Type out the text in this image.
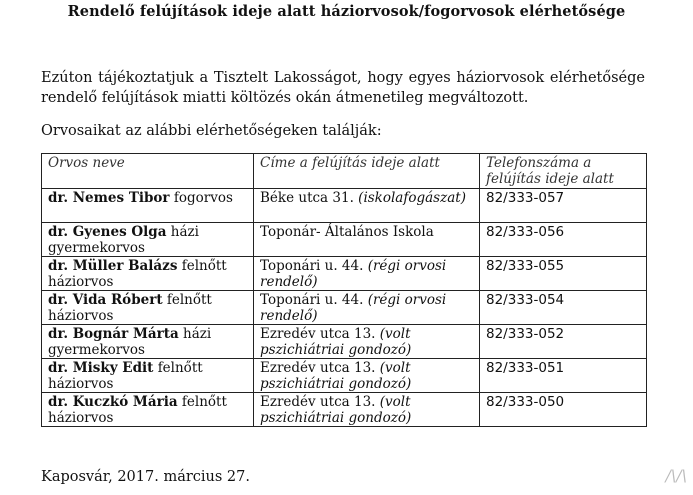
Rendelő felújítások ideje alatt háziorvosok/fogorvosok elérhetősége
Ezúton tájékoztatjuk a Tisztelt Lakosságot, hogy egyes háziorvosok elérhetősége rendelő felújítások miatti költözés okán átmenetileg megváltozott.
Orvosaikat az alábbi elérhetőségeken találják:
Orvos neve	Címe a felújítás ideje alatt	Telefonszáma a felújítás ideje alatt
dr. Nemes Tibor fogorvos	Béke utca 31. (iskolafogászat)	82/333-057
dr. Gyenes Olga házi gyermekorvos	Toponár- Általános Iskola	82/333-056
dr. Müller Balázs felnőtt háziorvos	Toponári u. 44. (régi orvosi rendelő)	82/333-055
dr. Vida Róbert felnőtt háziorvos	Toponári u. 44. (régi orvosi rendelő)	82/333-054
dr. Bognár Márta házi gyermekorvos	Ezredév utca 13. (volt pszichiátriai gondozó)	82/333-052
dr. Misky Edit felnőtt háziorvos	Ezredév utca 13. (volt pszichiátriai gondozó)	82/333-051
dr. Kuczkó Mária felnőtt háziorvos	Ezredév utca 13. (volt pszichiátriai gondozó)	82/333-050
Kaposvár, 2017. március 27.	/\/\
